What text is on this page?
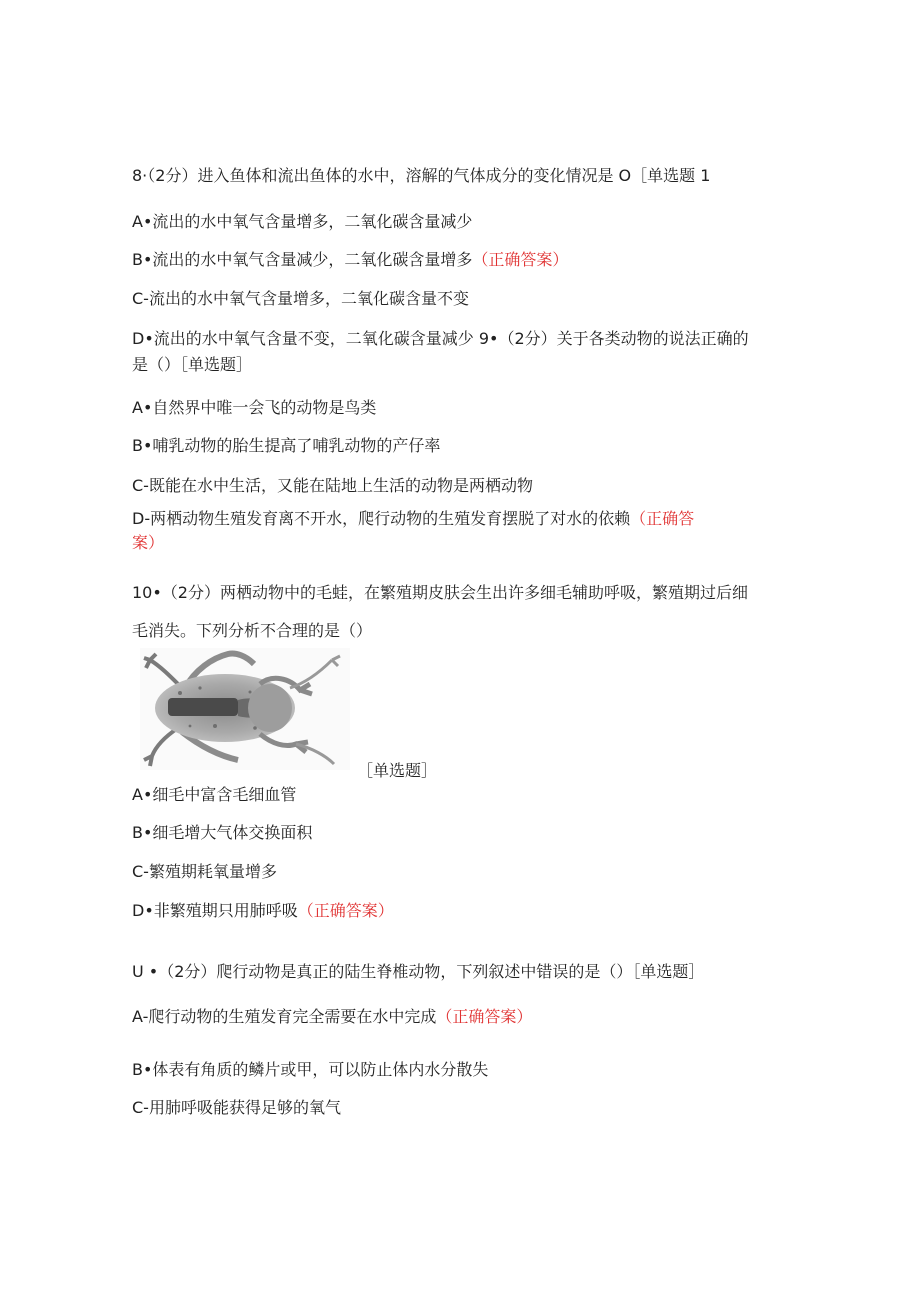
8·（2分）进入鱼体和流出鱼体的水中，溶解的气体成分的变化情况是 O［单选题 1
A•流出的水中氧气含量增多，二氧化碳含量减少
B•流出的水中氧气含量减少，二氧化碳含量增多（正确答案）
C-流出的水中氧气含量增多，二氧化碳含量不变
D•流出的水中氧气含量不变，二氧化碳含量减少 9•（2分）关于各类动物的说法正确的
是（）［单选题］
A•自然界中唯一会飞的动物是鸟类
B•哺乳动物的胎生提高了哺乳动物的产仔率
C-既能在水中生活，又能在陆地上生活的动物是两栖动物
D-两栖动物生殖发育离不开水，爬行动物的生殖发育摆脱了对水的依赖（正确答
案）
10•（2分）两栖动物中的毛蛙，在繁殖期皮肤会生出许多细毛辅助呼吸，繁殖期过后细
毛消失。下列分析不合理的是（）
［单选题］
A•细毛中富含毛细血管
B•细毛增大气体交换面积
C-繁殖期耗氧量增多
D•非繁殖期只用肺呼吸（正确答案）
U •（2分）爬行动物是真正的陆生脊椎动物，下列叙述中错误的是（）［单选题］
A-爬行动物的生殖发育完全需要在水中完成（正确答案）
B•体表有角质的鳞片或甲，可以防止体内水分散失
C-用肺呼吸能获得足够的氧气
